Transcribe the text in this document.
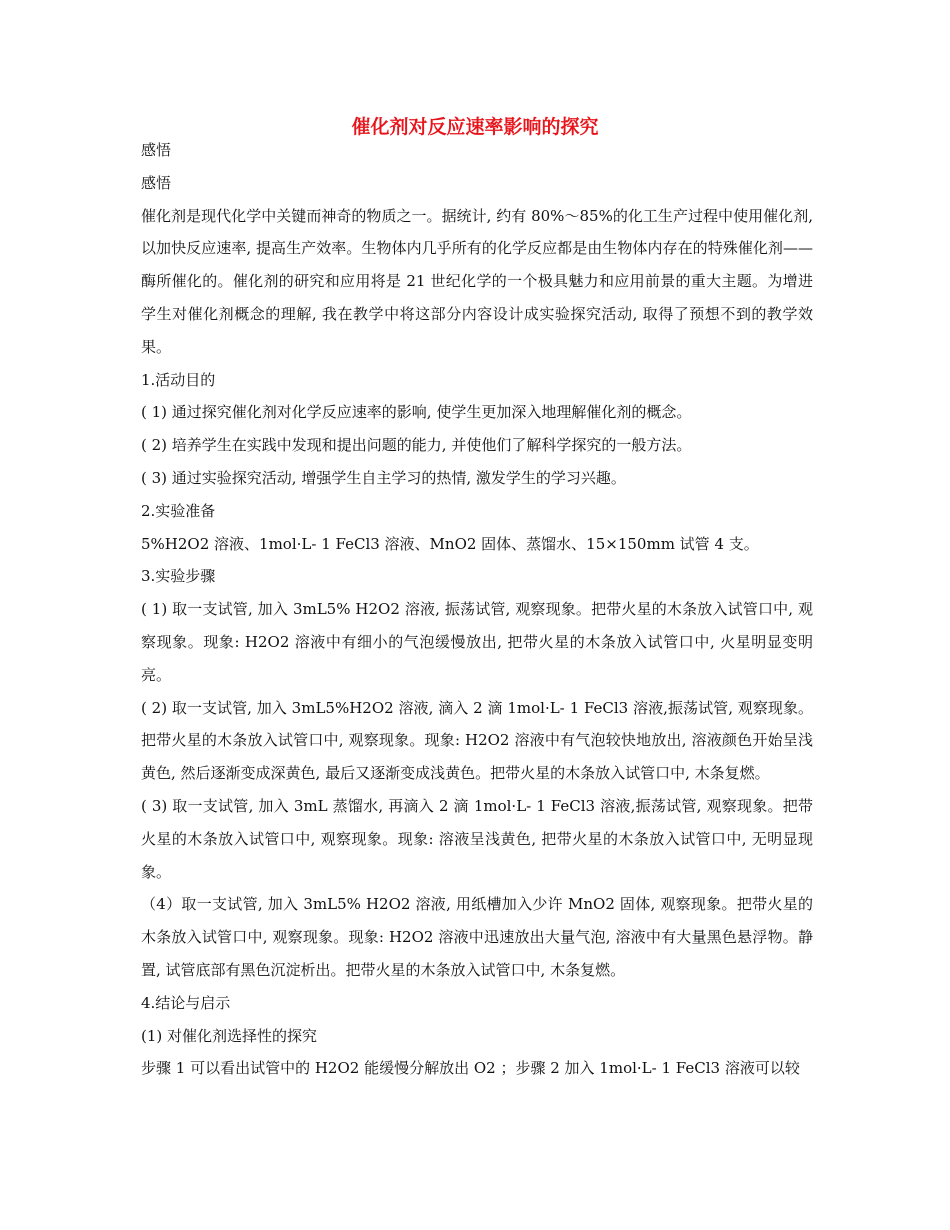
催化剂对反应速率影响的探究

感悟

感悟

催化剂是现代化学中关键而神奇的物质之一。据统计, 约有 80%～85%的化工生产过程中使用催化剂, 以加快反应速率, 提高生产效率。生物体内几乎所有的化学反应都是由生物体内存在的特殊催化剂—— 酶所催化的。催化剂的研究和应用将是 21 世纪化学的一个极具魅力和应用前景的重大主题。为增进学生对催化剂概念的理解, 我在教学中将这部分内容设计成实验探究活动, 取得了预想不到的教学效果。

1.活动目的

( 1) 通过探究催化剂对化学反应速率的影响, 使学生更加深入地理解催化剂的概念。

( 2) 培养学生在实践中发现和提出问题的能力, 并使他们了解科学探究的一般方法。

( 3) 通过实验探究活动, 增强学生自主学习的热情, 激发学生的学习兴趣。

2.实验准备

5%H2O2 溶液、1mol·L- 1 FeCl3 溶液、MnO2 固体、蒸馏水、15×150mm 试管 4 支。

3.实验步骤

( 1) 取一支试管, 加入 3mL5% H2O2 溶液, 振荡试管, 观察现象。把带火星的木条放入试管口中, 观察现象。现象: H2O2 溶液中有细小的气泡缓慢放出, 把带火星的木条放入试管口中, 火星明显变明亮。

( 2) 取一支试管, 加入 3mL5%H2O2 溶液, 滴入 2 滴 1mol·L- 1 FeCl3 溶液,振荡试管, 观察现象。把带火星的木条放入试管口中, 观察现象。现象: H2O2 溶液中有气泡较快地放出, 溶液颜色开始呈浅黄色, 然后逐渐变成深黄色, 最后又逐渐变成浅黄色。把带火星的木条放入试管口中, 木条复燃。

( 3) 取一支试管, 加入 3mL 蒸馏水, 再滴入 2 滴 1mol·L- 1 FeCl3 溶液,振荡试管, 观察现象。把带火星的木条放入试管口中, 观察现象。现象: 溶液呈浅黄色, 把带火星的木条放入试管口中, 无明显现象。

（4）取一支试管, 加入 3mL5% H2O2 溶液, 用纸槽加入少许 MnO2 固体, 观察现象。把带火星的木条放入试管口中, 观察现象。现象: H2O2 溶液中迅速放出大量气泡, 溶液中有大量黑色悬浮物。静置, 试管底部有黑色沉淀析出。把带火星的木条放入试管口中, 木条复燃。

4.结论与启示

(1) 对催化剂选择性的探究

步骤 1 可以看出试管中的 H2O2 能缓慢分解放出 O2 ；步骤 2 加入 1mol·L- 1 FeCl3 溶液可以较
